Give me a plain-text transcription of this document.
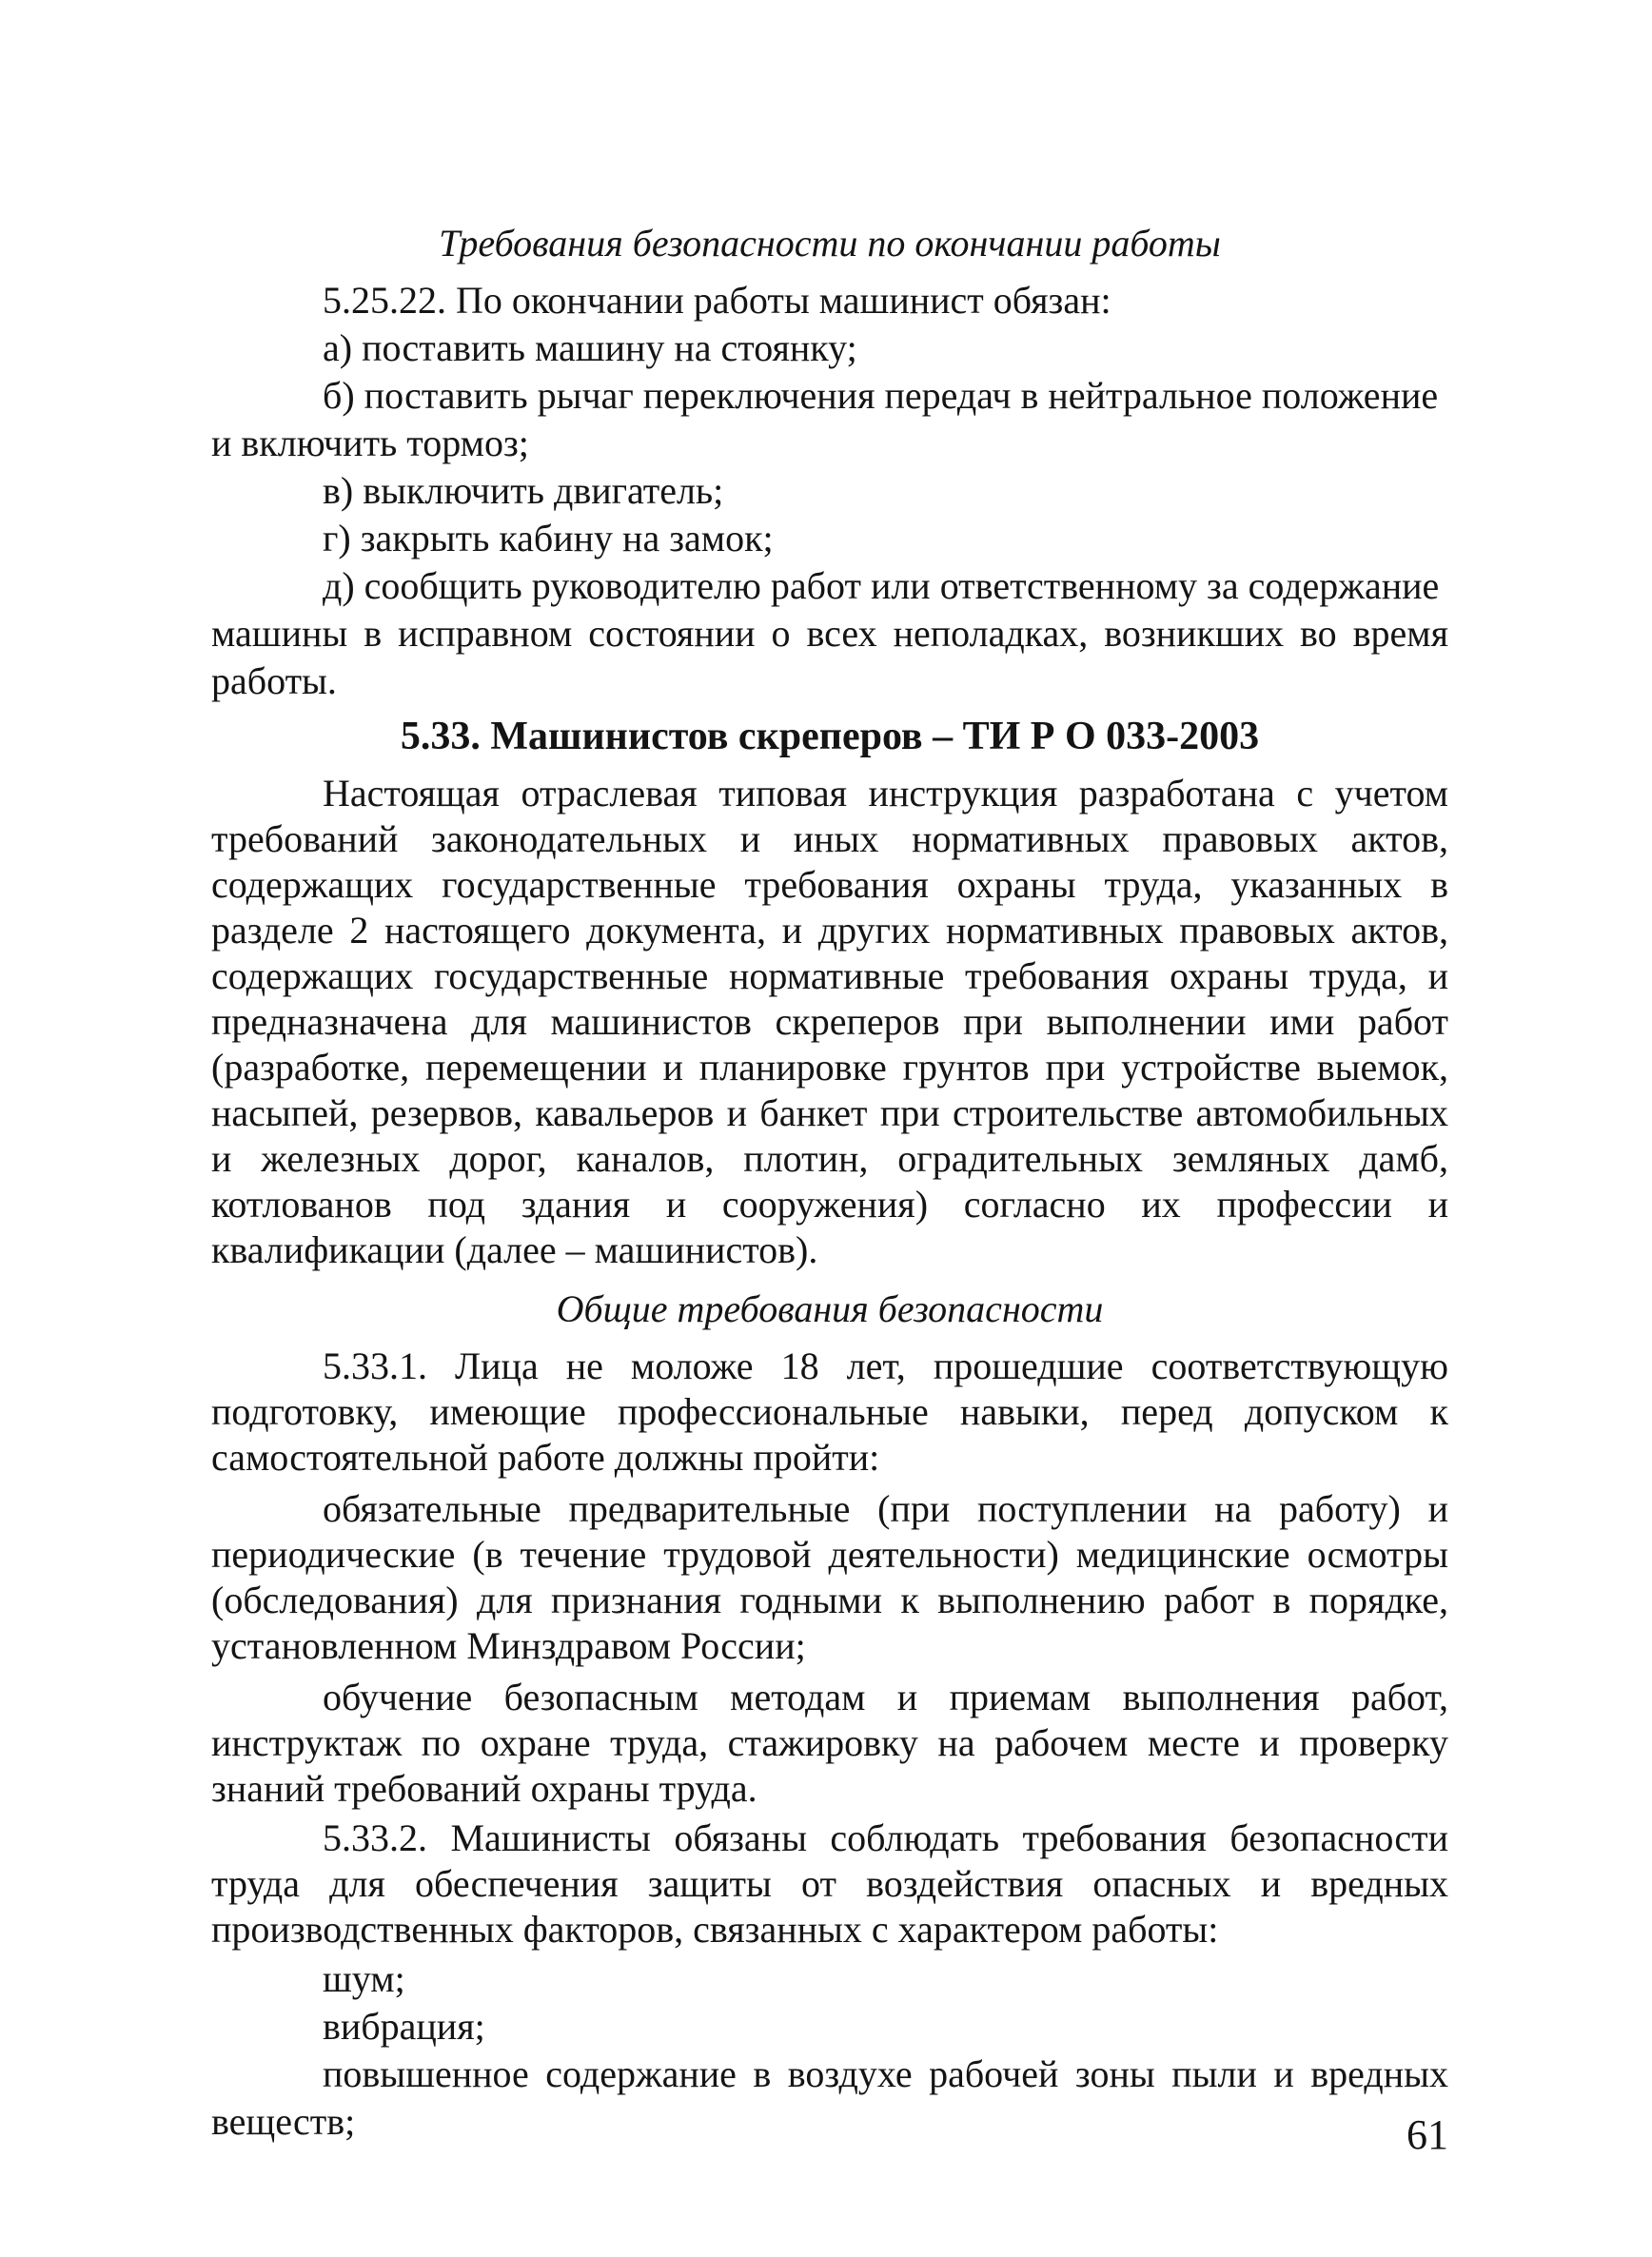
Требования безопасности по окончании работы
5.25.22. По окончании работы машинист обязан:
а) поставить машину на стоянку;
б) поставить рычаг переключения передач в нейтральное положение
и включить тормоз;
в) выключить двигатель;
г) закрыть кабину на замок;
д) сообщить руководителю работ или ответственному за содержание
машины в исправном состоянии о всех неполадках, возникших во время
работы.
5.33. Машинистов скреперов – ТИ Р О 033-2003
Настоящая отраслевая типовая инструкция разработана с учетом
требований законодательных и иных нормативных правовых актов,
содержащих государственные требования охраны труда, указанных в
разделе 2 настоящего документа, и других нормативных правовых актов,
содержащих государственные нормативные требования охраны труда, и
предназначена для машинистов скреперов при выполнении ими работ
(разработке, перемещении и планировке грунтов при устройстве выемок,
насыпей, резервов, кавальеров и банкет при строительстве автомобильных
и железных дорог, каналов, плотин, оградительных земляных дамб,
котлованов под здания и сооружения) согласно их профессии и
квалификации (далее – машинистов).
Общие требования безопасности
5.33.1. Лица не моложе 18 лет, прошедшие соответствующую
подготовку, имеющие профессиональные навыки, перед допуском к
самостоятельной работе должны пройти:
обязательные предварительные (при поступлении на работу) и
периодические (в течение трудовой деятельности) медицинские осмотры
(обследования) для признания годными к выполнению работ в порядке,
установленном Минздравом России;
обучение безопасным методам и приемам выполнения работ,
инструктаж по охране труда, стажировку на рабочем месте и проверку
знаний требований охраны труда.
5.33.2. Машинисты обязаны соблюдать требования безопасности
труда для обеспечения защиты от воздействия опасных и вредных
производственных факторов, связанных с характером работы:
шум;
вибрация;
повышенное содержание в воздухе рабочей зоны пыли и вредных
веществ;	61
